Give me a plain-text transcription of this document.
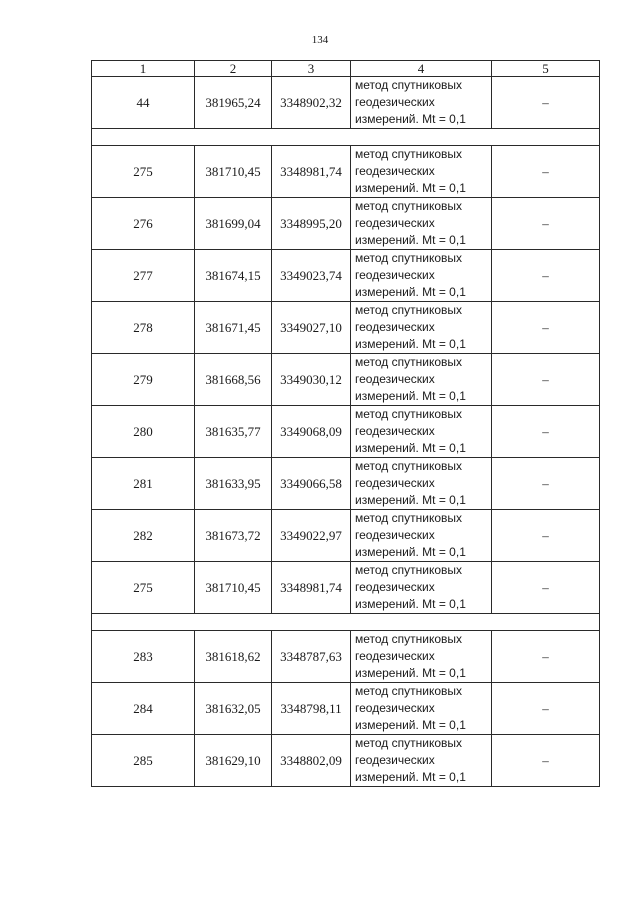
134
1	2	3	4	5
44	381965,24	3348902,32	метод спутниковых
геодезических
измерений. Mt = 0,1	–

275	381710,45	3348981,74	метод спутниковых
геодезических
измерений. Mt = 0,1	–
276	381699,04	3348995,20	метод спутниковых
геодезических
измерений. Mt = 0,1	–
277	381674,15	3349023,74	метод спутниковых
геодезических
измерений. Mt = 0,1	–
278	381671,45	3349027,10	метод спутниковых
геодезических
измерений. Mt = 0,1	–
279	381668,56	3349030,12	метод спутниковых
геодезических
измерений. Mt = 0,1	–
280	381635,77	3349068,09	метод спутниковых
геодезических
измерений. Mt = 0,1	–
281	381633,95	3349066,58	метод спутниковых
геодезических
измерений. Mt = 0,1	–
282	381673,72	3349022,97	метод спутниковых
геодезических
измерений. Mt = 0,1	–
275	381710,45	3348981,74	метод спутниковых
геодезических
измерений. Mt = 0,1	–

283	381618,62	3348787,63	метод спутниковых
геодезических
измерений. Mt = 0,1	–
284	381632,05	3348798,11	метод спутниковых
геодезических
измерений. Mt = 0,1	–
285	381629,10	3348802,09	метод спутниковых
геодезических
измерений. Mt = 0,1	–
